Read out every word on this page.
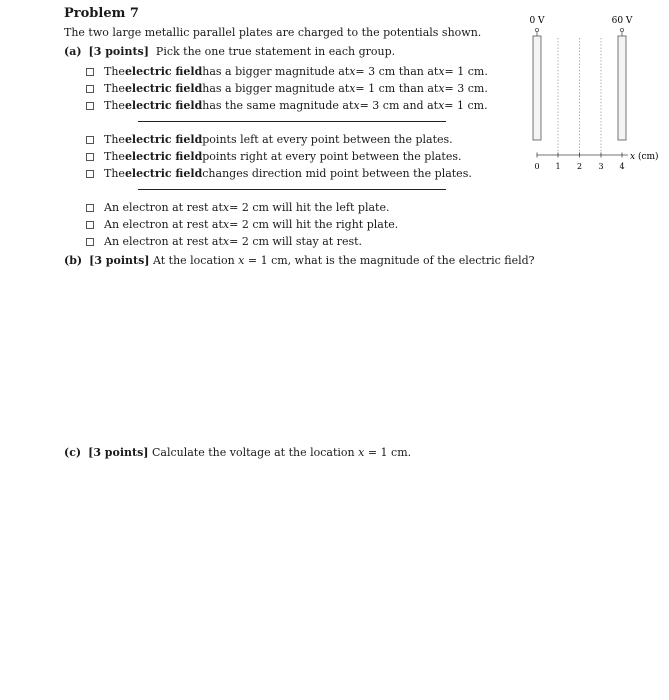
Problem 7
The two large metallic parallel plates are charged to the potentials shown.
(a) [3 points] Pick the one true statement in each group.
The electric field has a bigger magnitude at x = 3 cm than at x = 1 cm.
The electric field has a bigger magnitude at x = 1 cm than at x = 3 cm.
The electric field has the same magnitude at x = 3 cm and at x = 1 cm.
The electric field points left at every point between the plates.
The electric field points right at every point between the plates.
The electric field changes direction mid point between the plates.
An electron at rest at x = 2 cm will hit the left plate.
An electron at rest at x = 2 cm will hit the right plate.
An electron at rest at x = 2 cm will stay at rest.
(b) [3 points] At the location x = 1 cm, what is the magnitude of the electric field?
(c) [3 points] Calculate the voltage at the location x = 1 cm.
0 V	60 V
0 1 2 3 4
x (cm)
